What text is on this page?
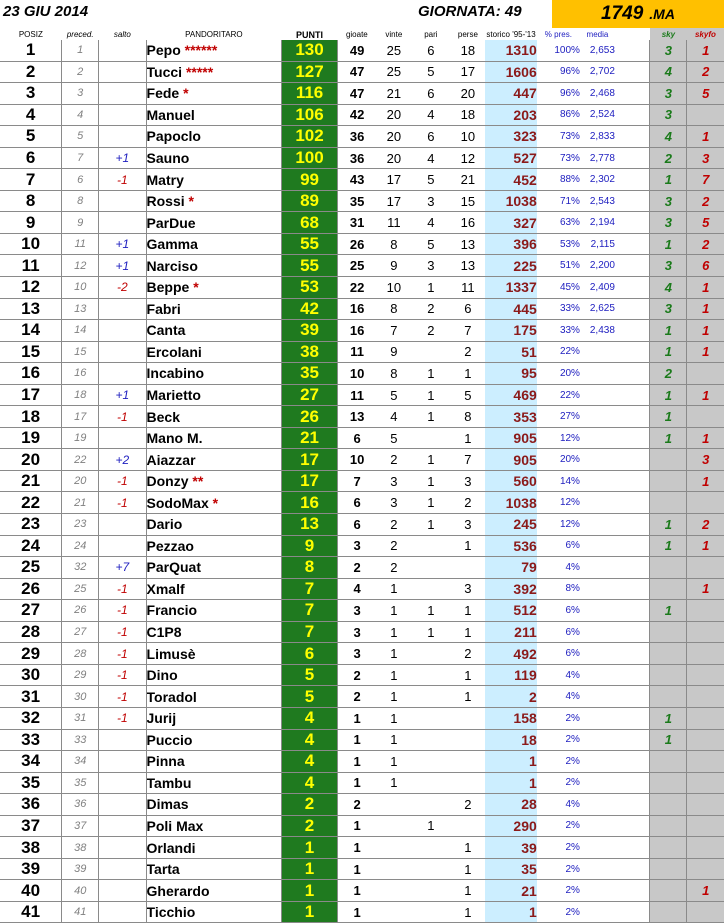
23 GIU 2014	GIORNATA: 49	1749 .MA
POSIZ	preced.	salto	PANDORITARO	PUNTI	gioate	vinte	pari	perse	storico '95-'13	% pres.	media		sky	skyfo
1	1		Pepo ******	130	49	25	6	18	1310	100%	2,653		3	1
2	2		Tucci *****	127	47	25	5	17	1606	96%	2,702		4	2
3	3		Fede *	116	47	21	6	20	447	96%	2,468		3	5
4	4		Manuel	106	42	20	4	18	203	86%	2,524		3	
5	5		Papoclo	102	36	20	6	10	323	73%	2,833		4	1
6	7	+1	Sauno	100	36	20	4	12	527	73%	2,778		2	3
7	6	-1	Matry	99	43	17	5	21	452	88%	2,302		1	7
8	8		Rossi *	89	35	17	3	15	1038	71%	2,543		3	2
9	9		ParDue	68	31	11	4	16	327	63%	2,194		3	5
10	11	+1	Gamma	55	26	8	5	13	396	53%	2,115		1	2
11	12	+1	Narciso	55	25	9	3	13	225	51%	2,200		3	6
12	10	-2	Beppe *	53	22	10	1	11	1337	45%	2,409		4	1
13	13		Fabri	42	16	8	2	6	445	33%	2,625		3	1
14	14		Canta	39	16	7	2	7	175	33%	2,438		1	1
15	15		Ercolani	38	11	9		2	51	22%			1	1
16	16		Incabino	35	10	8	1	1	95	20%			2	
17	18	+1	Marietto	27	11	5	1	5	469	22%			1	1
18	17	-1	Beck	26	13	4	1	8	353	27%			1	
19	19		Mano M.	21	6	5		1	905	12%			1	1
20	22	+2	Aiazzar	17	10	2	1	7	905	20%				3
21	20	-1	Donzy **	17	7	3	1	3	560	14%				1
22	21	-1	SodoMax *	16	6	3	1	2	1038	12%				
23	23		Dario	13	6	2	1	3	245	12%			1	2
24	24		Pezzao	9	3	2		1	536	6%			1	1
25	32	+7	ParQuat	8	2	2			79	4%				
26	25	-1	Xmalf	7	4	1		3	392	8%				1
27	26	-1	Francio	7	3	1	1	1	512	6%			1	
28	27	-1	C1P8	7	3	1	1	1	211	6%				
29	28	-1	Limusè	6	3	1		2	492	6%				
30	29	-1	Dino	5	2	1		1	119	4%				
31	30	-1	Toradol	5	2	1		1	2	4%				
32	31	-1	Jurij	4	1	1			158	2%			1	
33	33		Puccio	4	1	1			18	2%			1	
34	34		Pinna	4	1	1			1	2%				
35	35		Tambu	4	1	1			1	2%				
36	36		Dimas	2	2			2	28	4%				
37	37		Poli Max	2	1		1		290	2%				
38	38		Orlandi	1	1			1	39	2%				
39	39		Tarta	1	1			1	35	2%				
40	40		Gherardo	1	1			1	21	2%				1
41	41		Ticchio	1	1			1	1	2%				
